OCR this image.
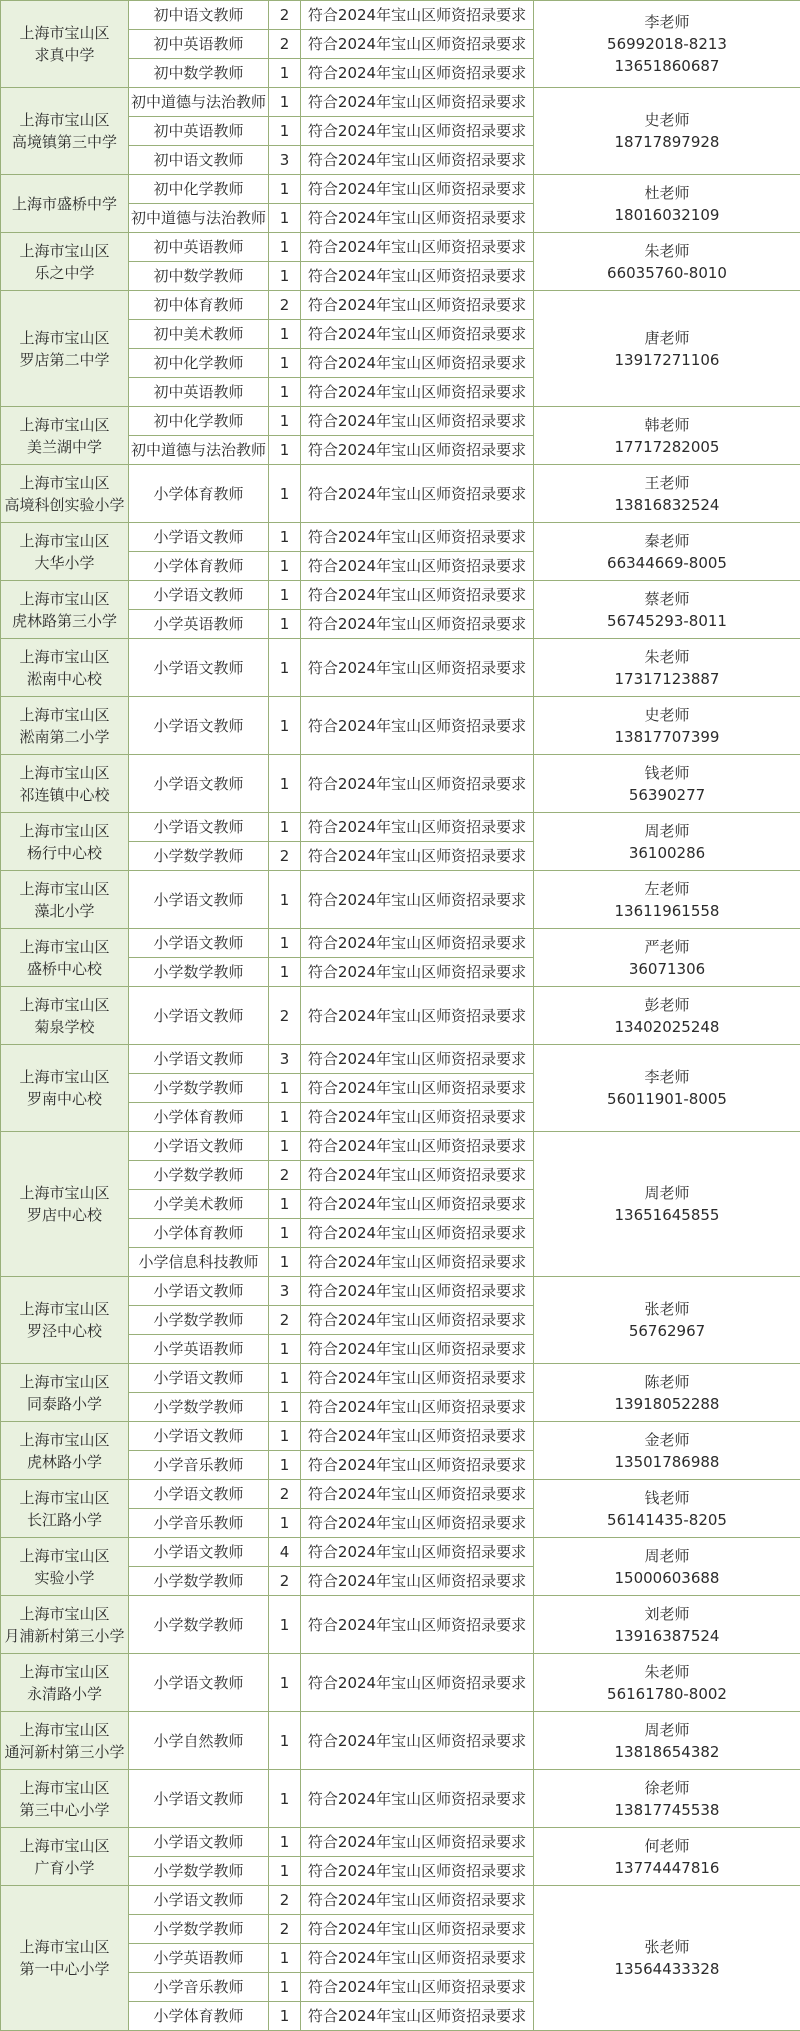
上海市宝山区
求真中学	初中语文教师	2	符合2024年宝山区师资招录要求	李老师
56992018-8213
13651860687

	初中英语教师	2	符合2024年宝山区师资招录要求	
	初中数学教师	1	符合2024年宝山区师资招录要求	

上海市宝山区
高境镇第三中学	初中道德与法治教师	1	符合2024年宝山区师资招录要求	史老师
18717897928

	初中英语教师	1	符合2024年宝山区师资招录要求	
	初中语文教师	3	符合2024年宝山区师资招录要求	

上海市盛桥中学	初中化学教师	1	符合2024年宝山区师资招录要求	杜老师
18016032109

	初中道德与法治教师	1	符合2024年宝山区师资招录要求	

上海市宝山区
乐之中学	初中英语教师	1	符合2024年宝山区师资招录要求	朱老师
66035760-8010

	初中数学教师	1	符合2024年宝山区师资招录要求	

上海市宝山区
罗店第二中学	初中体育教师	2	符合2024年宝山区师资招录要求	唐老师
13917271106

	初中美术教师	1	符合2024年宝山区师资招录要求	
	初中化学教师	1	符合2024年宝山区师资招录要求	
	初中英语教师	1	符合2024年宝山区师资招录要求	

上海市宝山区
美兰湖中学	初中化学教师	1	符合2024年宝山区师资招录要求	韩老师
17717282005

	初中道德与法治教师	1	符合2024年宝山区师资招录要求	

上海市宝山区
高境科创实验小学	小学体育教师	1	符合2024年宝山区师资招录要求	王老师
13816832524

上海市宝山区
大华小学	小学语文教师	1	符合2024年宝山区师资招录要求	秦老师
66344669-8005

	小学体育教师	1	符合2024年宝山区师资招录要求	

上海市宝山区
虎林路第三小学	小学语文教师	1	符合2024年宝山区师资招录要求	蔡老师
56745293-8011

	小学英语教师	1	符合2024年宝山区师资招录要求	

上海市宝山区
淞南中心校	小学语文教师	1	符合2024年宝山区师资招录要求	朱老师
17317123887

上海市宝山区
淞南第二小学	小学语文教师	1	符合2024年宝山区师资招录要求	史老师
13817707399

上海市宝山区
祁连镇中心校	小学语文教师	1	符合2024年宝山区师资招录要求	钱老师
56390277

上海市宝山区
杨行中心校	小学语文教师	1	符合2024年宝山区师资招录要求	周老师
36100286

	小学数学教师	2	符合2024年宝山区师资招录要求	

上海市宝山区
藻北小学	小学语文教师	1	符合2024年宝山区师资招录要求	左老师
13611961558

上海市宝山区
盛桥中心校	小学语文教师	1	符合2024年宝山区师资招录要求	严老师
36071306

	小学数学教师	1	符合2024年宝山区师资招录要求	

上海市宝山区
菊泉学校	小学语文教师	2	符合2024年宝山区师资招录要求	彭老师
13402025248

上海市宝山区
罗南中心校	小学语文教师	3	符合2024年宝山区师资招录要求	李老师
56011901-8005

	小学数学教师	1	符合2024年宝山区师资招录要求	
	小学体育教师	1	符合2024年宝山区师资招录要求	

上海市宝山区
罗店中心校	小学语文教师	1	符合2024年宝山区师资招录要求	周老师
13651645855

	小学数学教师	2	符合2024年宝山区师资招录要求	
	小学美术教师	1	符合2024年宝山区师资招录要求	
	小学体育教师	1	符合2024年宝山区师资招录要求	
	小学信息科技教师	1	符合2024年宝山区师资招录要求	

上海市宝山区
罗泾中心校	小学语文教师	3	符合2024年宝山区师资招录要求	张老师
56762967

	小学数学教师	2	符合2024年宝山区师资招录要求	
	小学英语教师	1	符合2024年宝山区师资招录要求	

上海市宝山区
同泰路小学	小学语文教师	1	符合2024年宝山区师资招录要求	陈老师
13918052288

	小学数学教师	1	符合2024年宝山区师资招录要求	

上海市宝山区
虎林路小学	小学语文教师	1	符合2024年宝山区师资招录要求	金老师
13501786988

	小学音乐教师	1	符合2024年宝山区师资招录要求	

上海市宝山区
长江路小学	小学语文教师	2	符合2024年宝山区师资招录要求	钱老师
56141435-8205

	小学音乐教师	1	符合2024年宝山区师资招录要求	

上海市宝山区
实验小学	小学语文教师	4	符合2024年宝山区师资招录要求	周老师
15000603688

	小学数学教师	2	符合2024年宝山区师资招录要求	

上海市宝山区
月浦新村第三小学	小学数学教师	1	符合2024年宝山区师资招录要求	刘老师
13916387524

上海市宝山区
永清路小学	小学语文教师	1	符合2024年宝山区师资招录要求	朱老师
56161780-8002

上海市宝山区
通河新村第三小学	小学自然教师	1	符合2024年宝山区师资招录要求	周老师
13818654382

上海市宝山区
第三中心小学	小学语文教师	1	符合2024年宝山区师资招录要求	徐老师
13817745538

上海市宝山区
广育小学	小学语文教师	1	符合2024年宝山区师资招录要求	何老师
13774447816

	小学数学教师	1	符合2024年宝山区师资招录要求	

上海市宝山区
第一中心小学	小学语文教师	2	符合2024年宝山区师资招录要求	张老师
13564433328

	小学数学教师	2	符合2024年宝山区师资招录要求	
	小学英语教师	1	符合2024年宝山区师资招录要求	
	小学音乐教师	1	符合2024年宝山区师资招录要求	
	小学体育教师	1	符合2024年宝山区师资招录要求	
